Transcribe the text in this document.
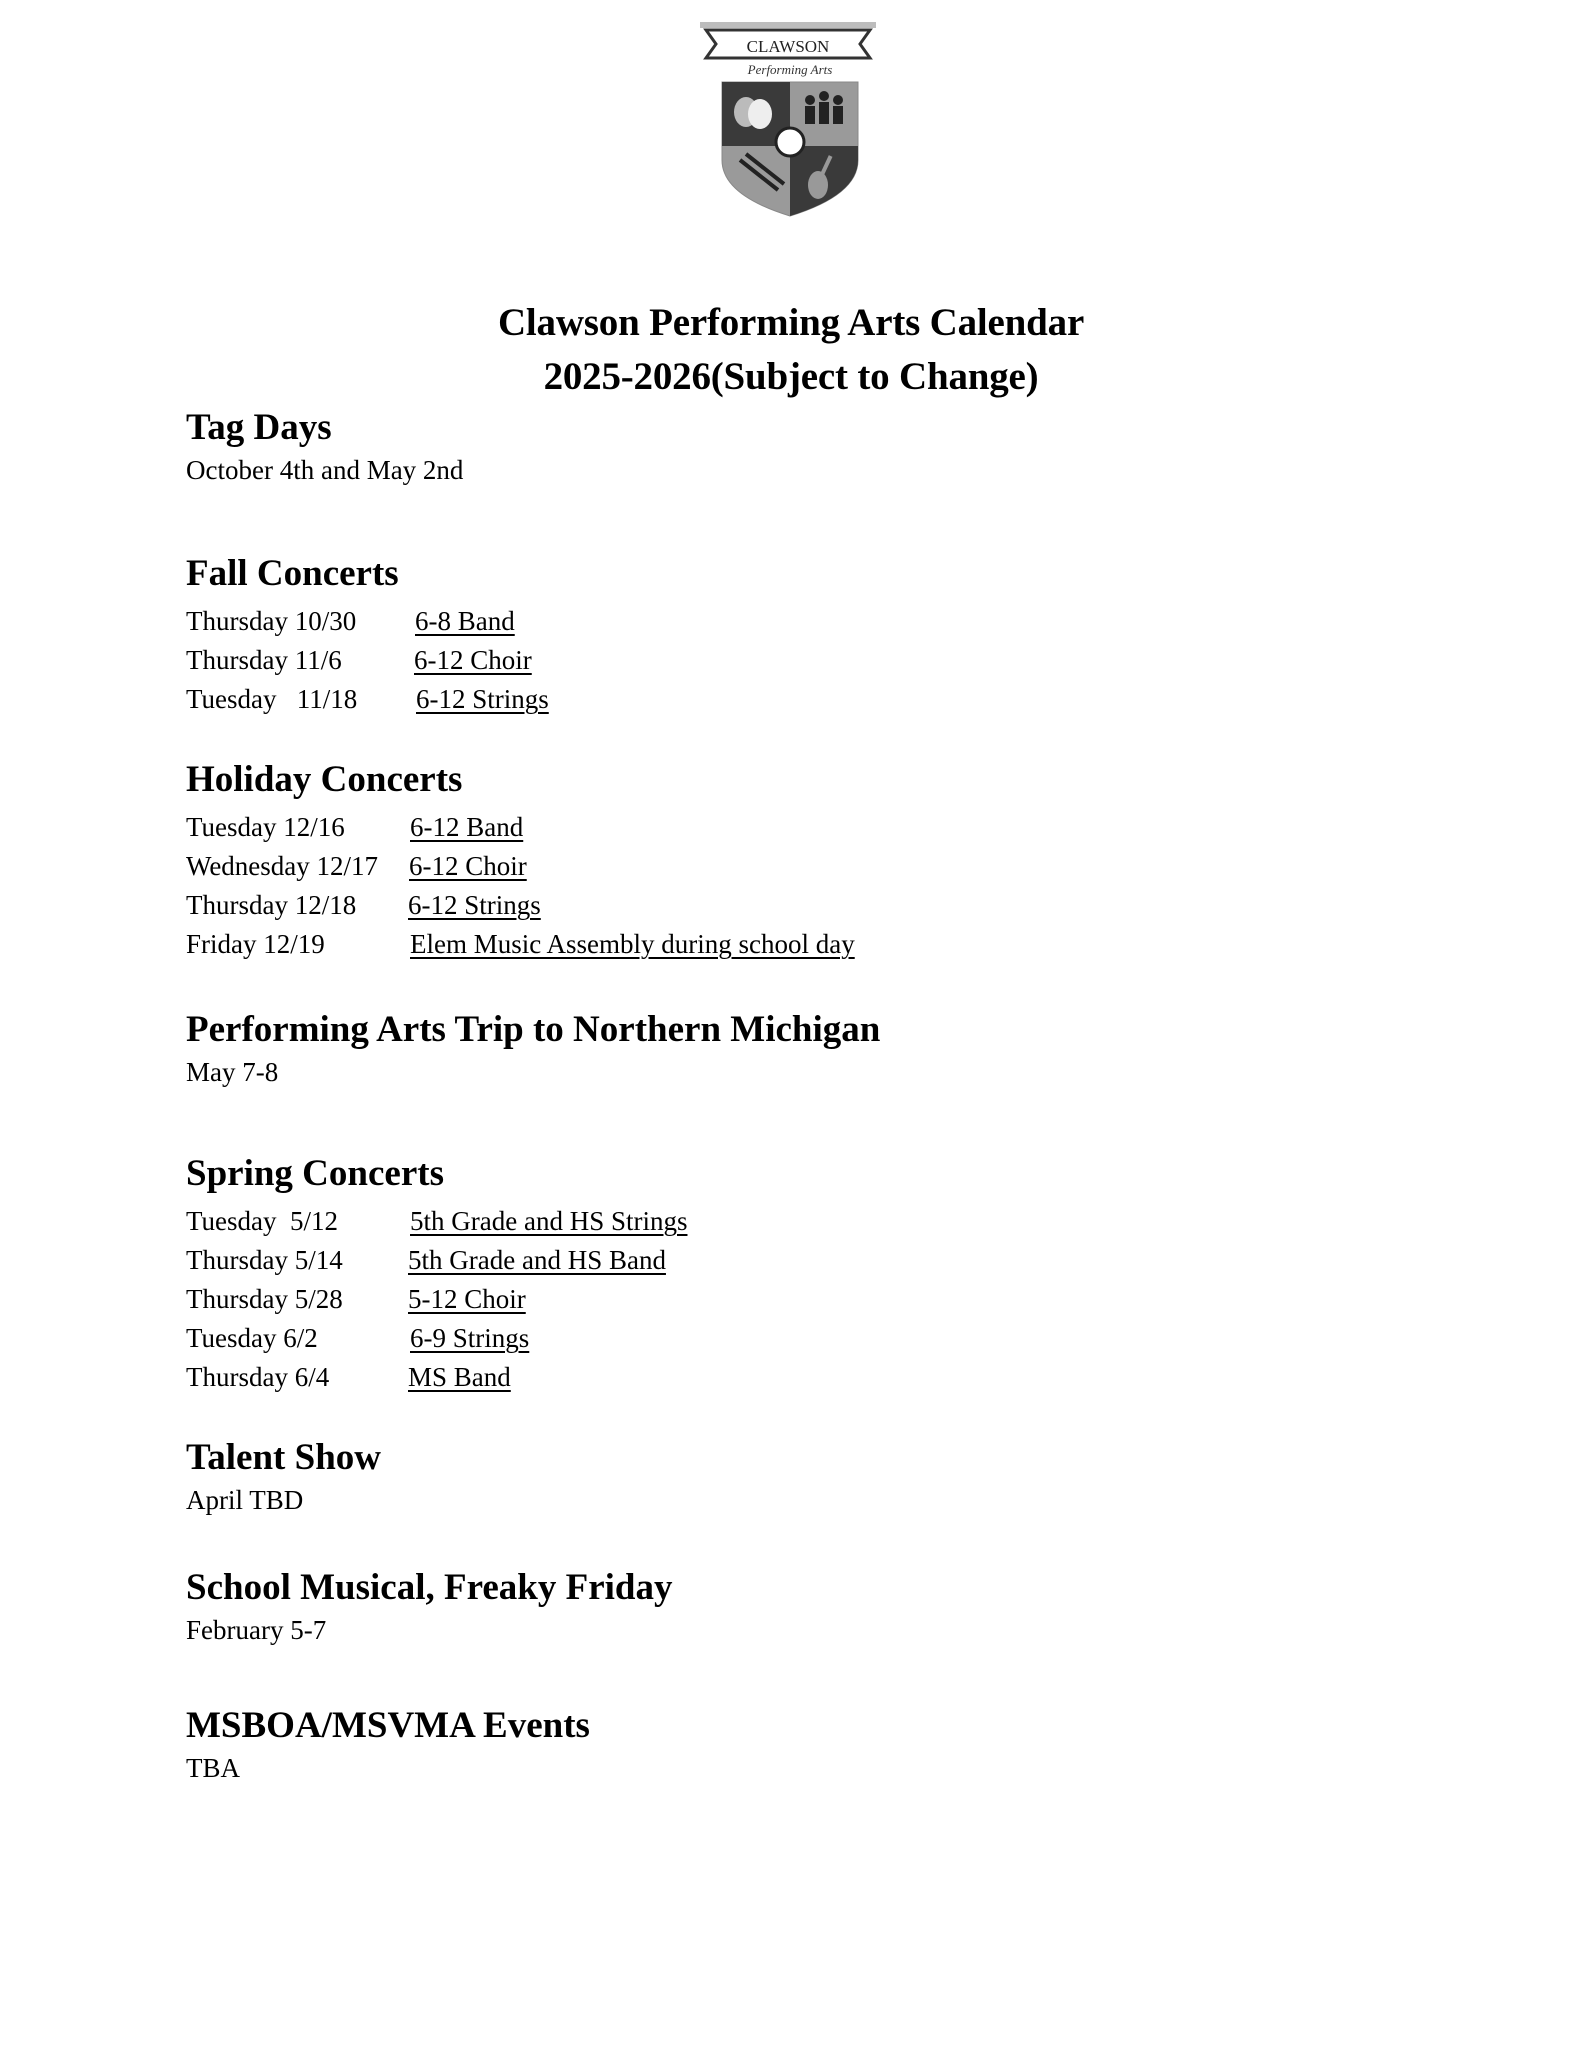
CLAWSON
Performing Arts
Clawson Performing Arts Calendar
2025-2026(Subject to Change)
Tag Days

October 4th and May 2nd

Fall Concerts
Thursday 10/30 6-8 Band
Thursday 11/6	6-12 Choir
Tuesday   11/18 6-12 Strings
Holiday Concerts
Tuesday 12/16 6-12 Band
Wednesday 12/17 6-12 Choir
Thursday 12/18 6-12 Strings
Friday 12/19	Elem Music Assembly during school day
Performing Arts Trip to Northern Michigan

May 7-8

Spring Concerts
Tuesday  5/12	5th Grade and HS Strings
Thursday 5/14 5th Grade and HS Band
Thursday 5/28 5-12 Choir
Tuesday 6/2	6-9 Strings
Thursday 6/4	MS Band
Talent Show

April TBD

School Musical, Freaky Friday

February 5-7

MSBOA/MSVMA Events

TBA
